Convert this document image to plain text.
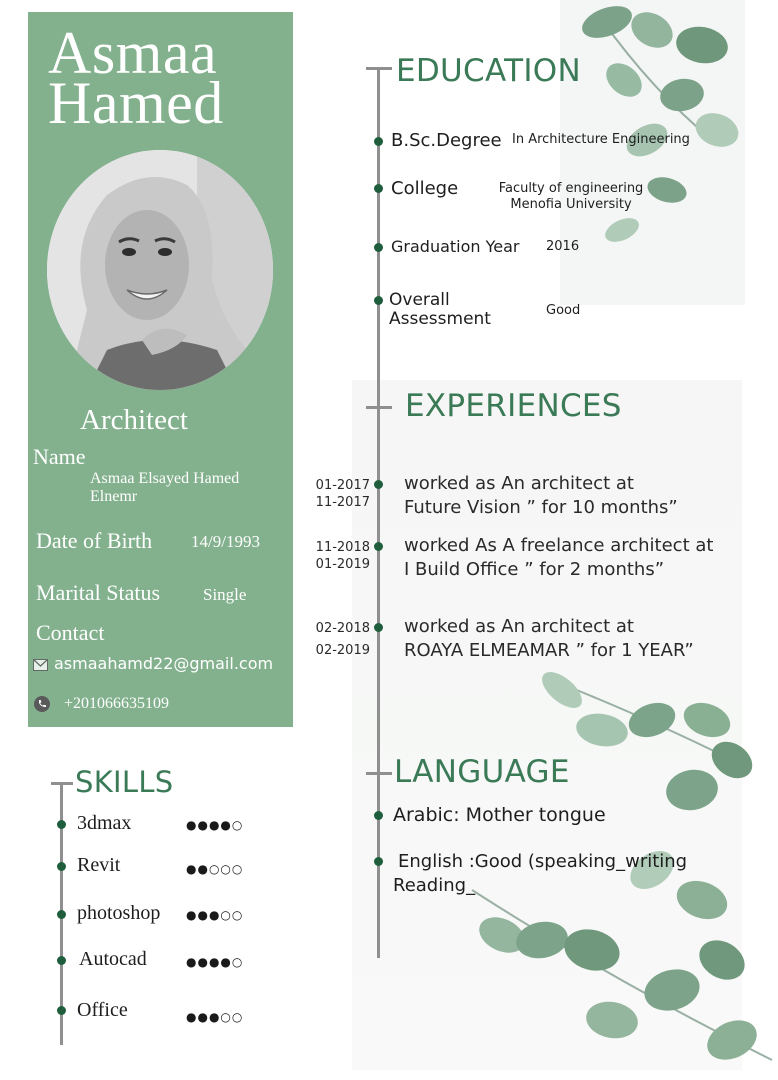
Asmaa
Hamed
Architect
Name
Asmaa Elsayed Hamed
Elnemr
Date of Birth 14/9/1993
Marital Status	Single
Contact
asmaahamd22@gmail.com
+201066635109
EDUCATION
B.Sc.Degree In Architecture Engineering
College	Faculty of engineering
Menofia University
Graduation Year 2016
Overall
Assessment	Good
EXPERIENCES
01-2017
11-2017
worked as An architect at
Future Vision ” for 10 months”
11-2018
01-2019
worked As A freelance architect at
I Build Office ” for 2 months”
02-2018
02-2019
worked as An architect at
ROAYA ELMEAMAR ” for 1 YEAR”
LANGUAGE
Arabic: Mother tongue
English :Good (speaking_writing
Reading_
SKILLS
3dmax	●●●●○
Revit	●●○○○
photoshop ●●●○○
Autocad	●●●●○
Office	●●●○○
